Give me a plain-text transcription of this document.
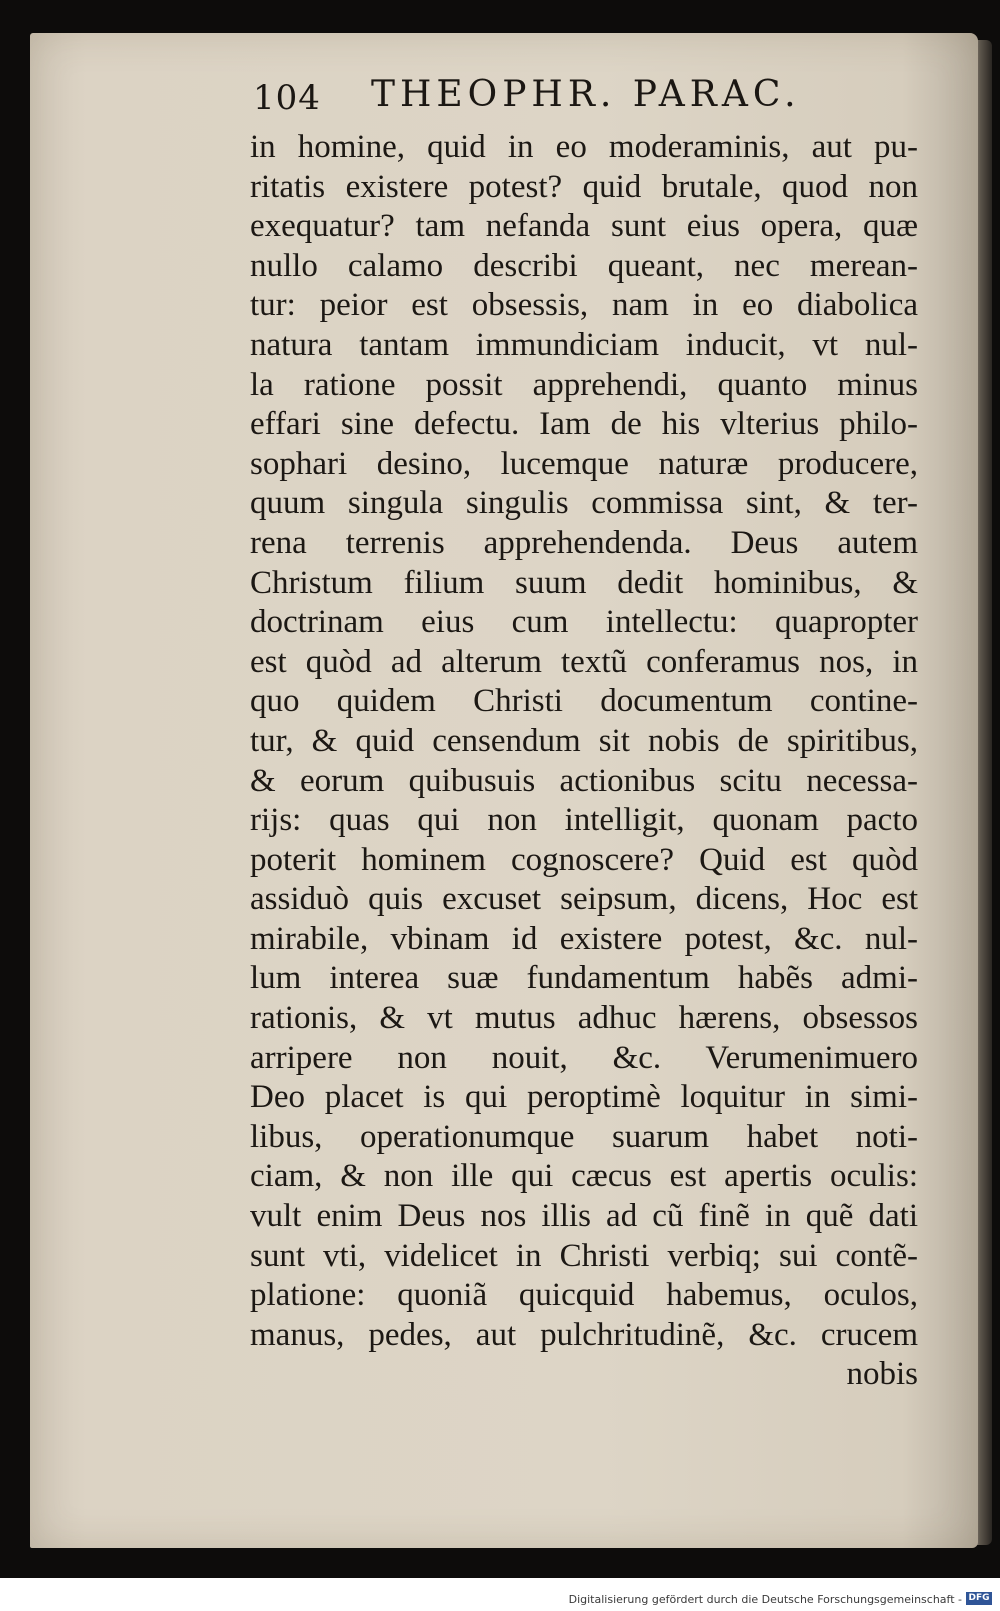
104 THEOPHR. PARAC.
in homine, quid in eo moderaminis, aut pu-
ritatis existere potest? quid brutale, quod non
exequatur? tam nefanda sunt eius opera, quæ
nullo calamo describi queant, nec merean-
tur: peior est obsessis, nam in eo diabolica
natura tantam immundiciam inducit, vt nul-
la ratione possit apprehendi, quanto minus
effari sine defectu. Iam de his vlterius philo-
sophari desino, lucemque naturæ producere,
quum singula singulis commissa sint, & ter-
rena terrenis apprehendenda. Deus autem
Christum filium suum dedit hominibus, &
doctrinam eius cum intellectu: quapropter
est quòd ad alterum textũ conferamus nos, in
quo quidem Christi documentum contine-
tur, & quid censendum sit nobis de spiritibus,
& eorum quibusuis actionibus scitu necessa-
rijs: quas qui non intelligit, quonam pacto
poterit hominem cognoscere? Quid est quòd
assiduò quis excuset seipsum, dicens, Hoc est
mirabile, vbinam id existere potest, &c. nul-
lum interea suæ fundamentum habẽs admi-
rationis, & vt mutus adhuc hærens, obsessos
arripere non nouit, &c. Verumenimuero
Deo placet is qui peroptimè loquitur in simi-
libus, operationumque suarum habet noti-
ciam, & non ille qui cæcus est apertis oculis:
vult enim Deus nos illis ad cũ finẽ in quẽ dati
sunt vti, videlicet in Christi verbiq; sui contẽ-
platione: quoniã quicquid habemus, oculos,
manus, pedes, aut pulchritudinẽ, &c. crucem
nobis
Digitalisierung gefördert durch die Deutsche Forschungsgemeinschaft - DFG
